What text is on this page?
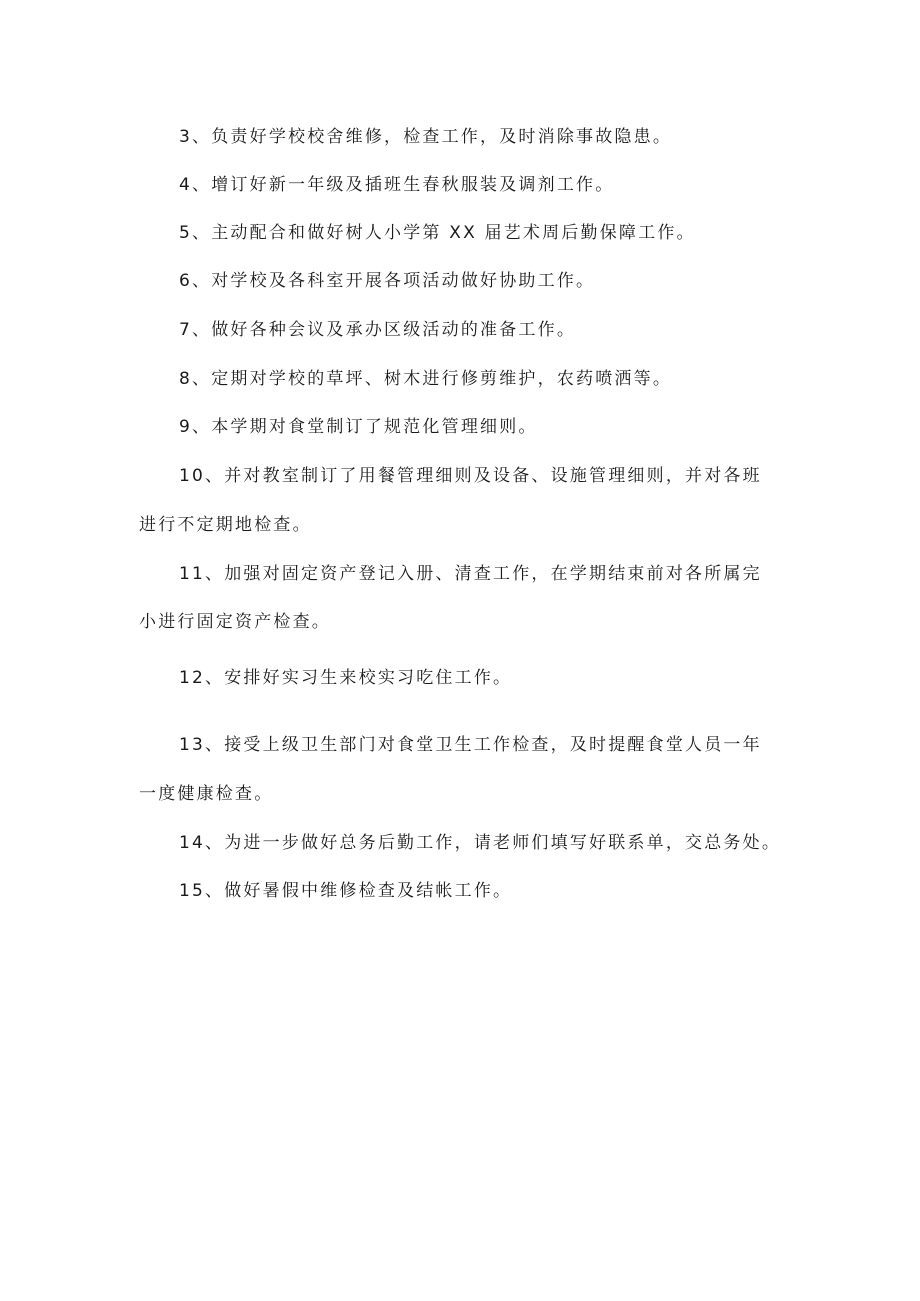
3、负责好学校校舍维修，检查工作，及时消除事故隐患。
4、增订好新一年级及插班生春秋服装及调剂工作。
5、主动配合和做好树人小学第 XX 届艺术周后勤保障工作。
6、对学校及各科室开展各项活动做好协助工作。
7、做好各种会议及承办区级活动的准备工作。
8、定期对学校的草坪、树木进行修剪维护，农药喷洒等。
9、本学期对食堂制订了规范化管理细则。
10、并对教室制订了用餐管理细则及设备、设施管理细则，并对各班
进行不定期地检查。
11、加强对固定资产登记入册、清查工作，在学期结束前对各所属完
小进行固定资产检查。
12、安排好实习生来校实习吃住工作。
13、接受上级卫生部门对食堂卫生工作检查，及时提醒食堂人员一年
一度健康检查。
14、为进一步做好总务后勤工作，请老师们填写好联系单，交总务处。
15、做好暑假中维修检查及结帐工作。
